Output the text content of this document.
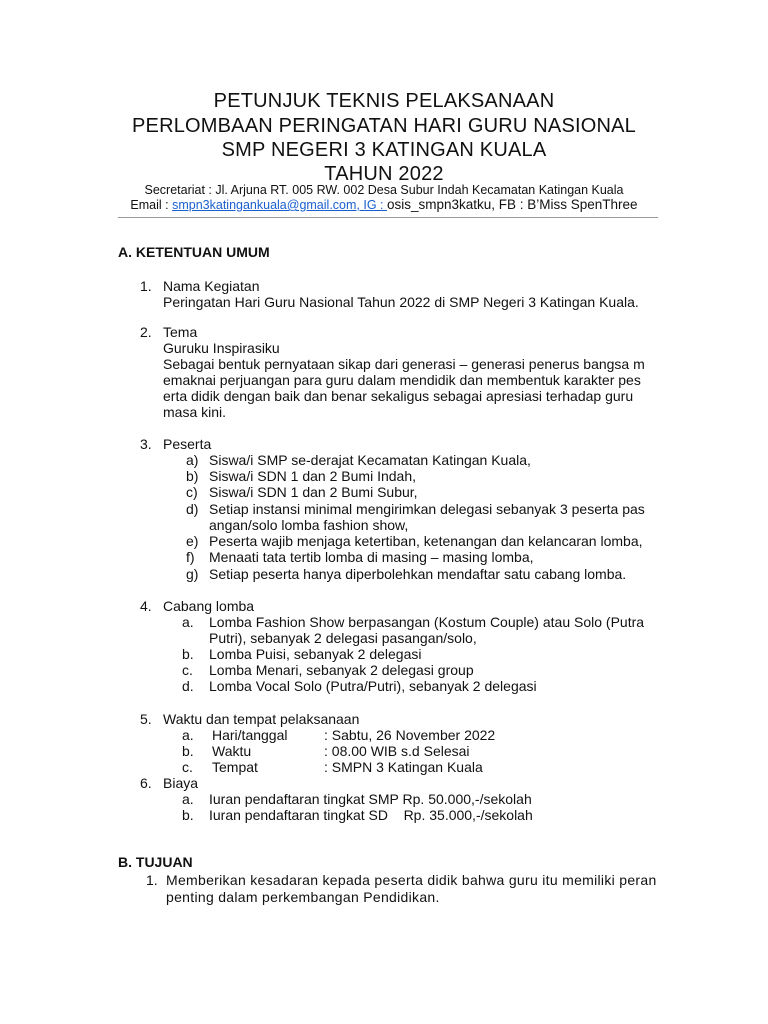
PETUNJUK TEKNIS PELAKSANAAN
PERLOMBAAN PERINGATAN HARI GURU NASIONAL
SMP NEGERI 3 KATINGAN KUALA
TAHUN 2022
Secretariat : Jl. Arjuna RT. 005 RW. 002 Desa Subur Indah Kecamatan Katingan Kuala
Email : smpn3katingankuala@gmail.com, IG : osis_smpn3katku, FB : B’Miss SpenThree
A. KETENTUAN UMUM
1. Nama Kegiatan
Peringatan Hari Guru Nasional Tahun 2022 di SMP Negeri 3 Katingan Kuala.
2. Tema
Guruku Inspirasiku
Sebagai bentuk pernyataan sikap dari generasi – generasi penerus bangsa m
emaknai perjuangan para guru dalam mendidik dan membentuk karakter pes
erta didik dengan baik dan benar sekaligus sebagai apresiasi terhadap guru
masa kini.
3. Peserta
a) Siswa/i SMP se-derajat Kecamatan Katingan Kuala,
b) Siswa/i SDN 1 dan 2 Bumi Indah,
c) Siswa/i SDN 1 dan 2 Bumi Subur,
d) Setiap instansi minimal mengirimkan delegasi sebanyak 3 peserta pas
angan/solo lomba fashion show,
e) Peserta wajib menjaga ketertiban, ketenangan dan kelancaran lomba,
f) Menaati tata tertib lomba di masing – masing lomba,
g) Setiap peserta hanya diperbolehkan mendaftar satu cabang lomba.
4. Cabang lomba
a. Lomba Fashion Show berpasangan (Kostum Couple) atau Solo (Putra
Putri), sebanyak 2 delegasi pasangan/solo,
b. Lomba Puisi, sebanyak 2 delegasi
c. Lomba Menari, sebanyak 2 delegasi group
d. Lomba Vocal Solo (Putra/Putri), sebanyak 2 delegasi
5. Waktu dan tempat pelaksanaan
a. Hari/tanggal	: Sabtu, 26 November 2022
b. Waktu	: 08.00 WIB s.d Selesai
c. Tempat	: SMPN 3 Katingan Kuala
6. Biaya
a. Iuran pendaftaran tingkat SMP Rp. 50.000,-/sekolah
b. Iuran pendaftaran tingkat SD    Rp. 35.000,-/sekolah
B. TUJUAN
1. Memberikan kesadaran kepada peserta didik bahwa guru itu memiliki peran
penting dalam perkembangan Pendidikan.
